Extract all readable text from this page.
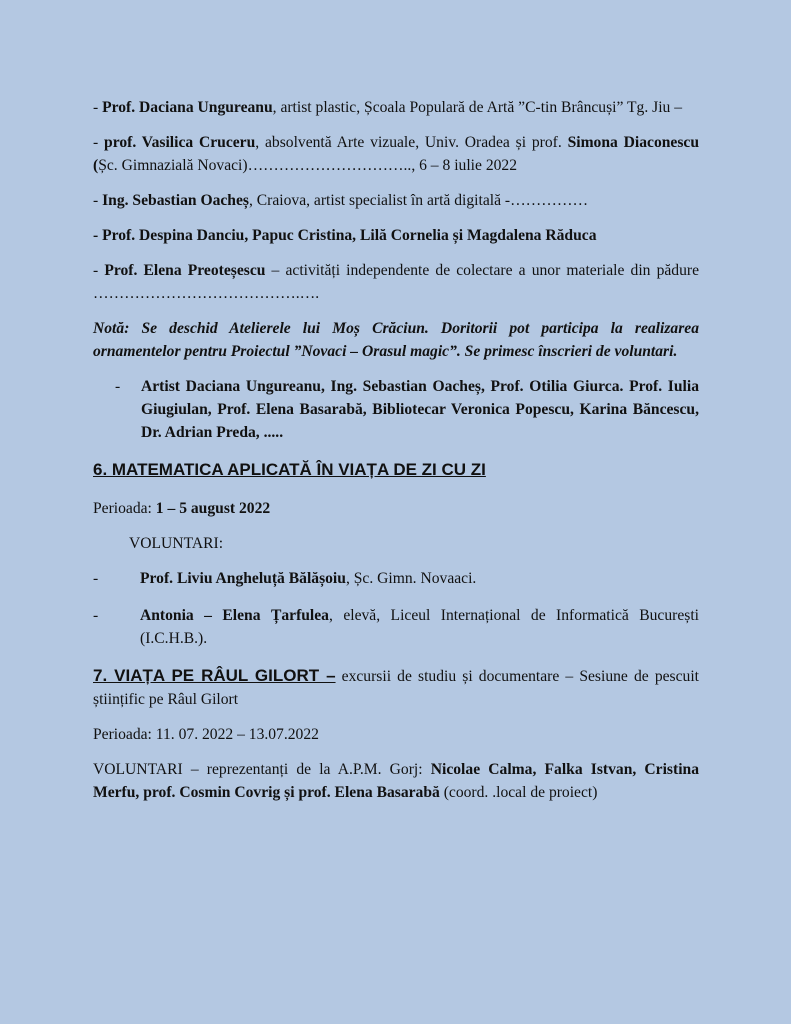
- Prof. Daciana Ungureanu, artist plastic, Școala Populară de Artă ”C-tin Brâncuși” Tg. Jiu –

- prof. Vasilica Cruceru, absolventă Arte vizuale, Univ. Oradea și prof. Simona Diaconescu (Șc. Gimnazială Novaci)………………………….., 6 – 8 iulie 2022

- Ing. Sebastian Oacheș, Craiova, artist specialist în artă digitală -……………

- Prof. Despina Danciu, Papuc Cristina, Lilă Cornelia și Magdalena Răduca

- Prof. Elena Preoteșescu – activități independente de colectare a unor materiale din pădure ………………………………….….

Notă: Se deschid Atelierele lui Moș Crăciun. Doritorii pot participa la realizarea ornamentelor pentru Proiectul ”Novaci – Orasul magic”. Se primesc înscrieri de voluntari.

-	Artist Daciana Ungureanu, Ing. Sebastian Oacheș, Prof. Otilia Giurca. Prof. Iulia Giugiulan, Prof. Elena Basarabă, Bibliotecar Veronica Popescu, Karina Băncescu, Dr. Adrian Preda, .....

6. MATEMATICA APLICATĂ ÎN VIAȚA DE ZI CU ZI

Perioada: 1 – 5 august 2022

VOLUNTARI:

-	Prof. Liviu Angheluță Bălășoiu, Șc. Gimn. Novaaci.
-	Antonia – Elena Țarfulea, elevă, Liceul Internațional de Informatică București (I.C.H.B.).

7. VIAȚA PE RÂUL GILORT – excursii de studiu și documentare – Sesiune de pescuit științific pe Râul Gilort

Perioada: 11. 07. 2022 – 13.07.2022

VOLUNTARI – reprezentanți de la A.P.M. Gorj: Nicolae Calma, Falka Istvan, Cristina Merfu, prof. Cosmin Covrig și prof. Elena Basarabă (coord. .local de proiect)
